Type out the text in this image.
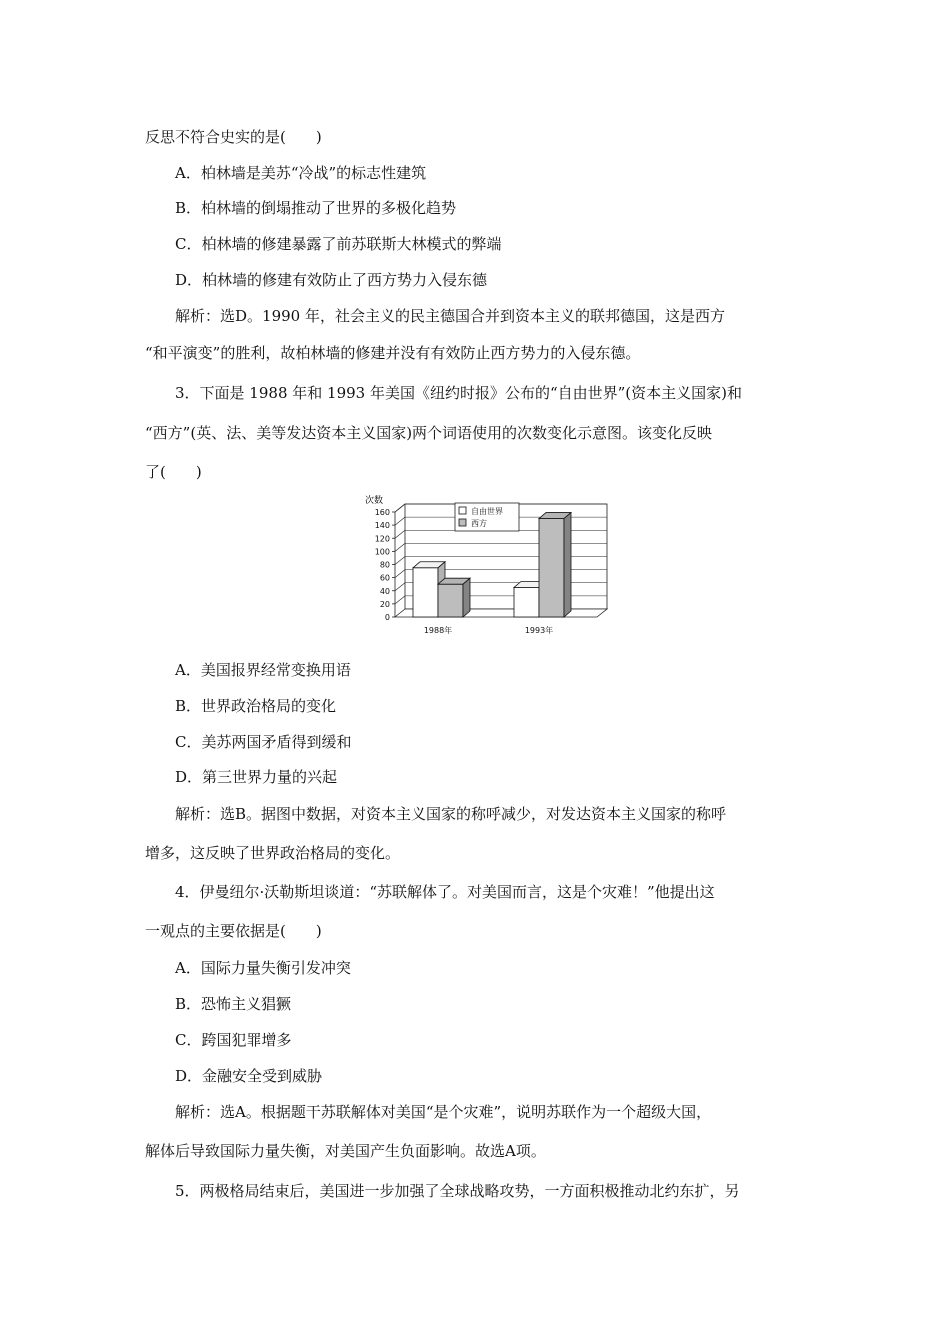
反思不符合史实的是(　　)
A．柏林墙是美苏“冷战”的标志性建筑
B．柏林墙的倒塌推动了世界的多极化趋势
C．柏林墙的修建暴露了前苏联斯大林模式的弊端
D．柏林墙的修建有效防止了西方势力入侵东德
解析：选D。1990 年，社会主义的民主德国合并到资本主义的联邦德国，这是西方
“和平演变”的胜利，故柏林墙的修建并没有有效防止西方势力的入侵东德。
3．下面是 1988 年和 1993 年美国《纽约时报》公布的“自由世界”(资本主义国家)和
“西方”(英、法、美等发达资本主义国家)两个词语使用的次数变化示意图。该变化反映
了(　　)
0
20
40
60
80
100
120
140
160
1988年	1993年
自由世界
西方
次数
A．美国报界经常变换用语
B．世界政治格局的变化
C．美苏两国矛盾得到缓和
D．第三世界力量的兴起
解析：选B。据图中数据，对资本主义国家的称呼减少，对发达资本主义国家的称呼
增多，这反映了世界政治格局的变化。
4．伊曼纽尔·沃勒斯坦谈道：“苏联解体了。对美国而言，这是个灾难！”他提出这
一观点的主要依据是(　　)
A．国际力量失衡引发冲突
B．恐怖主义猖獗
C．跨国犯罪增多
D．金融安全受到威胁
解析：选A。根据题干苏联解体对美国“是个灾难”，说明苏联作为一个超级大国，
解体后导致国际力量失衡，对美国产生负面影响。故选A项。
5．两极格局结束后，美国进一步加强了全球战略攻势，一方面积极推动北约东扩，另
